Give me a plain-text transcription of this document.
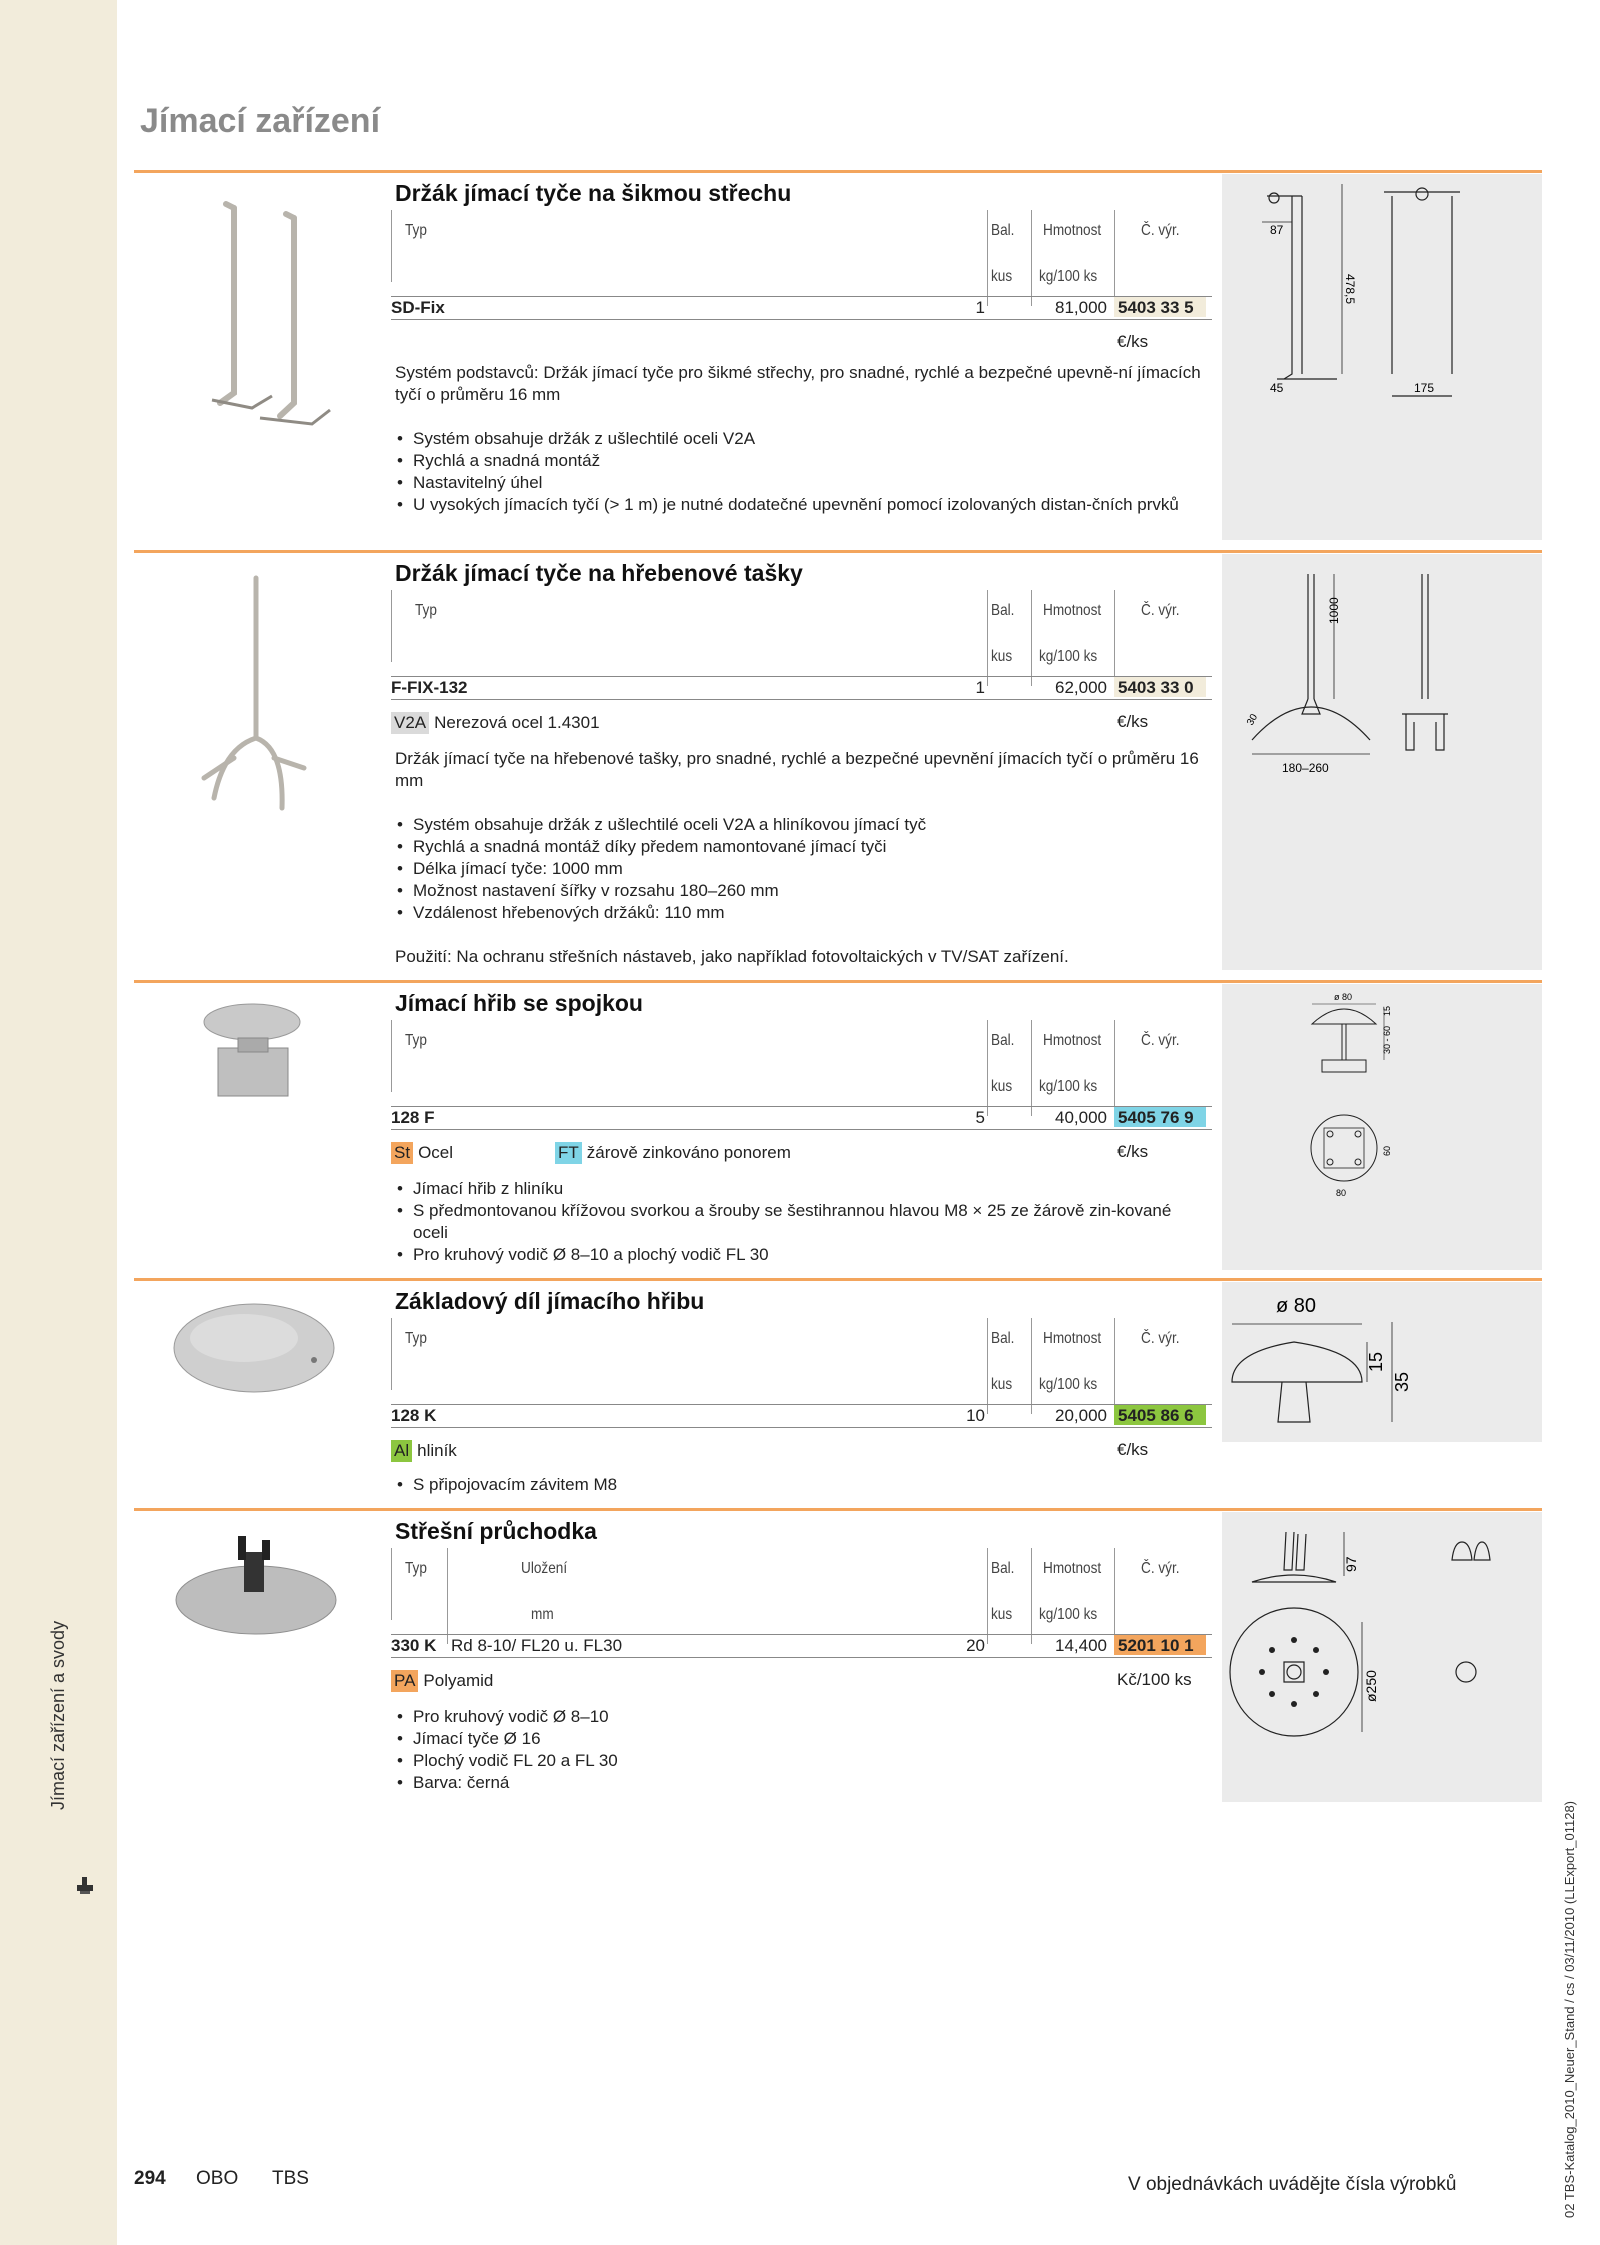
Jímací zařízení a svody
02 TBS-Katalog_2010_Neuer_Stand / cs / 03/11/2010 (LLExport_01128)
Jímací zařízení
Držák jímací tyče na šikmou střechu
Typ	Bal. Hmotnost Č. výr.
kus kg/100 ks
SD-Fix	1	81,000 5403 33 5
€/ks
Systém podstavců: Držák jímací tyče pro šikmé střechy, pro snadné, rychlé a bezpečné upevně-ní jímacích tyčí o průměru 16 mm
• Systém obsahuje držák z ušlechtilé oceli V2A
• Rychlá a snadná montáž
• Nastavitelný úhel
• U vysokých jímacích tyčí (> 1 m) je nutné dodatečné upevnění pomocí izolovaných distan-čních prvků
87
478,5
45	175
Držák jímací tyče na hřebenové tašky
Typ	Bal. Hmotnost Č. výr.
kus kg/100 ks
F-FIX-132	1	62,000 5403 33 0
V2A Nerezová ocel 1.4301	€/ks
Držák jímací tyče na hřebenové tašky, pro snadné, rychlé a bezpečné upevnění jímacích tyčí o průměru 16 mm
• Systém obsahuje držák z ušlechtilé oceli V2A a hliníkovou jímací tyč
• Rychlá a snadná montáž díky předem namontované jímací tyči
• Délka jímací tyče: 1000 mm
• Možnost nastavení šířky v rozsahu 180–260 mm
• Vzdálenost hřebenových držáků: 110 mm
Použití: Na ochranu střešních nástaveb, jako například fotovoltaických v TV/SAT zařízení.
1000
180–260
30
Jímací hřib se spojkou
Typ	Bal. Hmotnost Č. výr.
kus kg/100 ks
128 F	5	40,000 5405 76 9
St Ocel	FT žárově zinkováno ponorem	€/ks
• Jímací hřib z hliníku
• S předmontovanou křížovou svorkou a šrouby se šestihrannou hlavou M8 × 25 ze žárově zin-kované oceli
• Pro kruhový vodič Ø 8–10 a plochý vodič FL 30
ø 80
15
30 - 60
80
60
Základový díl jímacího hřibu
Typ	Bal. Hmotnost Č. výr.
kus kg/100 ks
128 K	10	20,000 5405 86 6
Al hliník	€/ks
• S připojovacím závitem M8
ø 80
15
35
Střešní průchodka
Typ	Uložení	Bal. Hmotnost Č. výr.
mm	kus kg/100 ks
330 K Rd 8-10/ FL20 u. FL30	20	14,400 5201 10 1
PA Polyamid	Kč/100 ks
• Pro kruhový vodič Ø 8–10
• Jímací tyče Ø 16
• Plochý vodič FL 20 a FL 30
• Barva: černá
97
ø250
294 OBO TBS	V objednávkách uvádějte čísla výrobků
